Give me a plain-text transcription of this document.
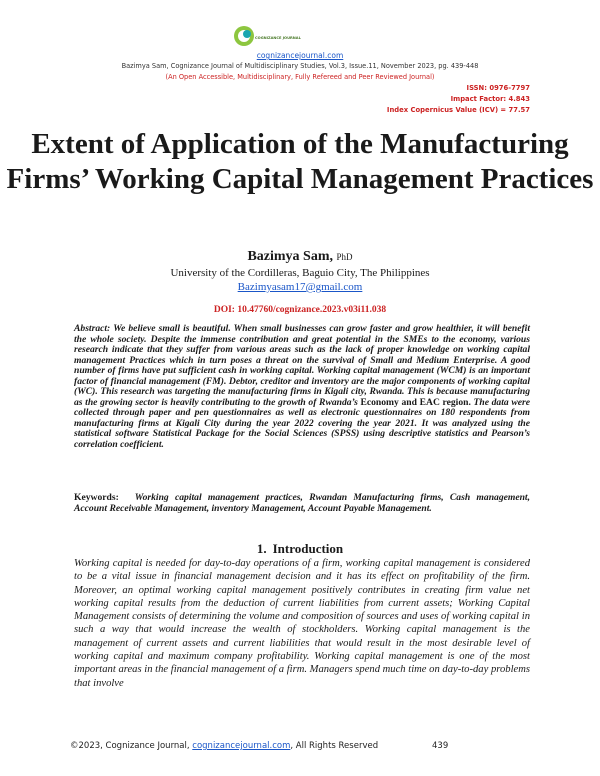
COGNIZANCE JOURNAL
cognizancejournal.com
Bazimya Sam, Cognizance Journal of Multidisciplinary Studies, Vol.3, Issue.11, November 2023, pg. 439-448
(An Open Accessible, Multidisciplinary, Fully Refereed and Peer Reviewed Journal)
ISSN: 0976-7797
Impact Factor: 4.843
Index Copernicus Value (ICV) = 77.57
Extent of Application of the Manufacturing Firms’ Working Capital Management Practices
Bazimya Sam, PhD
University of the Cordilleras, Baguio City, The Philippines
Bazimyasam17@gmail.com
DOI: 10.47760/cognizance.2023.v03i11.038

Abstract: We believe small is beautiful. When small businesses can grow faster and grow healthier, it will benefit the whole society. Despite the immense contribution and great potential in the SMEs to the economy, various research indicate that they suffer from various areas such as the lack of proper knowledge on working capital management Practices which in turn poses a threat on the survival of Small and Medium Enterprise. A good number of firms have put sufficient cash in working capital. Working capital management (WCM) is an important factor of financial management (FM). Debtor, creditor and inventory are the major components of working capital (WC). This research was targeting the manufacturing firms in Kigali city, Rwanda. This is because manufacturing as the growing sector is heavily contributing to the growth of Rwanda’s Economy and EAC region. The data were collected through paper and pen questionnaires as well as electronic questionnaires on 180 respondents from manufacturing firms at Kigali City during the year 2022 covering the year 2021. It was analyzed using the statistical software Statistical Package for the Social Sciences (SPSS) using descriptive statistics and Pearson’s correlation coefficient.

Keywords: Working capital management practices, Rwandan Manufacturing firms, Cash management, Account Receivable Management, inventory Management, Account Payable Management.

1. Introduction

Working capital is needed for day-to-day operations of a firm, working capital management is considered to be a vital issue in financial management decision and it has its effect on profitability of the firm. Moreover, an optimal working capital management positively contributes in creating firm value net working capital results from the deduction of current liabilities from current assets; Working Capital Management consists of determining the volume and composition of sources and uses of working capital in such a way that would increase the wealth of stockholders. Working capital management is the management of current assets and current liabilities that would result in the most desirable level of working capital and maximum company profitability. Working capital management is one of the most important areas in the financial management of a firm. Managers spend much time on day-to-day problems that involve

©2023, Cognizance Journal, cognizancejournal.com, All Rights Reserved	439
